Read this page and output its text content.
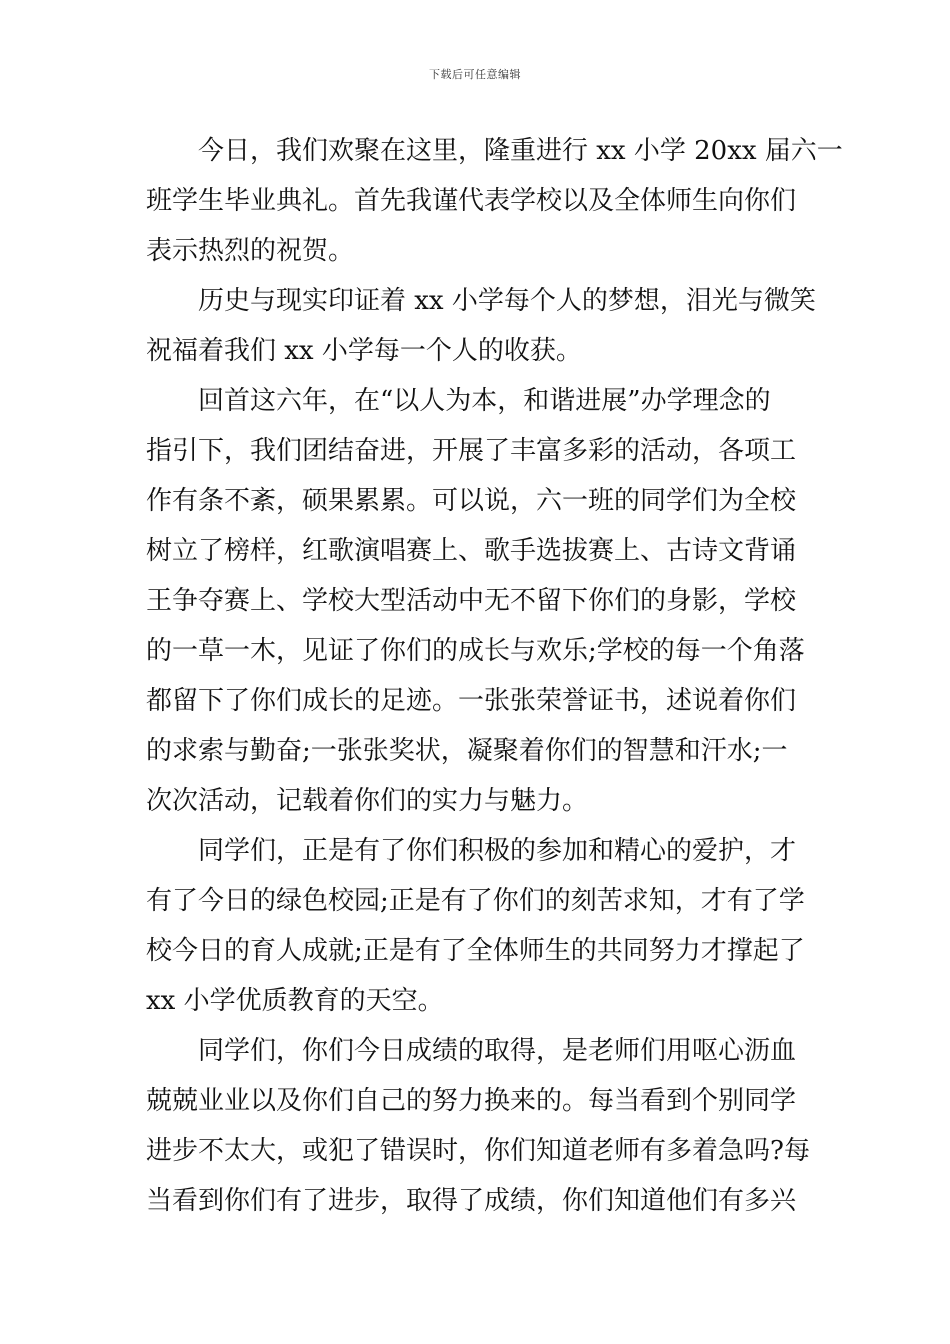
下载后可任意编辑
今日，我们欢聚在这里，隆重进行 xx 小学 20xx 届六一
班学生毕业典礼。首先我谨代表学校以及全体师生向你们
表示热烈的祝贺。
历史与现实印证着 xx 小学每个人的梦想，泪光与微笑
祝福着我们 xx 小学每一个人的收获。
回首这六年，在“以人为本，和谐进展”办学理念的
指引下，我们团结奋进，开展了丰富多彩的活动，各项工
作有条不紊，硕果累累。可以说，六一班的同学们为全校
树立了榜样，红歌演唱赛上、歌手选拔赛上、古诗文背诵
王争夺赛上、学校大型活动中无不留下你们的身影，学校
的一草一木，见证了你们的成长与欢乐;学校的每一个角落
都留下了你们成长的足迹。一张张荣誉证书，述说着你们
的求索与勤奋;一张张奖状，凝聚着你们的智慧和汗水;一
次次活动，记载着你们的实力与魅力。
同学们，正是有了你们积极的参加和精心的爱护，才
有了今日的绿色校园;正是有了你们的刻苦求知，才有了学
校今日的育人成就;正是有了全体师生的共同努力才撑起了
xx 小学优质教育的天空。
同学们，你们今日成绩的取得，是老师们用呕心沥血
兢兢业业以及你们自己的努力换来的。每当看到个别同学
进步不太大，或犯了错误时，你们知道老师有多着急吗?每
当看到你们有了进步，取得了成绩，你们知道他们有多兴
